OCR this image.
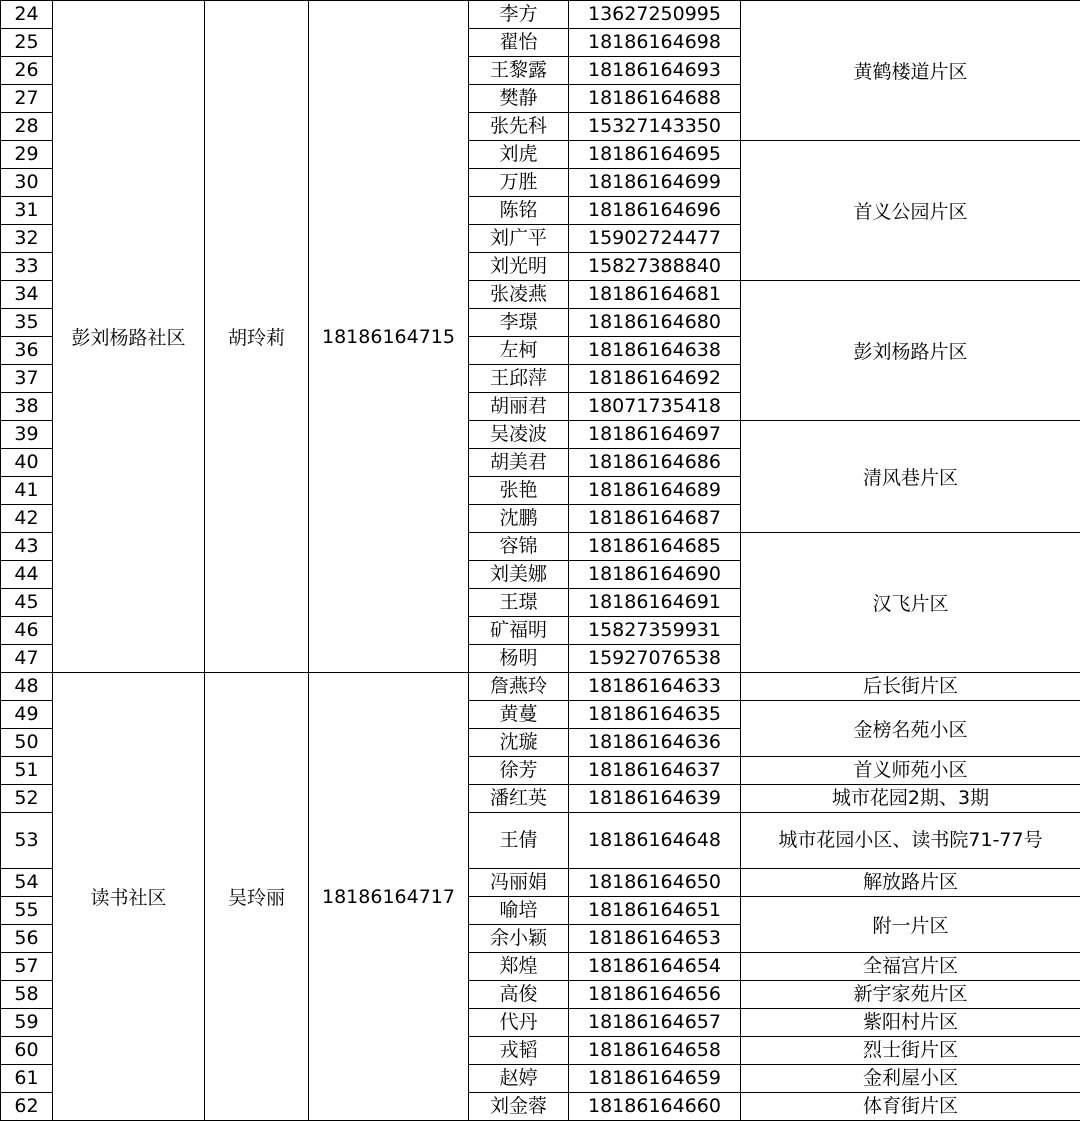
24	彭刘杨路社区	胡玲莉	18186164715	李方	13627250995	黄鹤楼道片区
25				翟怡	18186164698	
26				王黎露	18186164693	
27				樊静	18186164688	
28				张先科	15327143350	
29				刘虎	18186164695	首义公园片区
30				万胜	18186164699	
31				陈铭	18186164696	
32				刘广平	15902724477	
33				刘光明	15827388840	
34				张凌燕	18186164681	彭刘杨路片区
35				李璟	18186164680	
36				左柯	18186164638	
37				王邱萍	18186164692	
38				胡丽君	18071735418	
39				吴凌波	18186164697	清风巷片区
40				胡美君	18186164686	
41				张艳	18186164689	
42				沈鹏	18186164687	
43				容锦	18186164685	汉飞片区
44				刘美娜	18186164690	
45				王璟	18186164691	
46				矿福明	15827359931	
47				杨明	15927076538	
48	读书社区	吴玲丽	18186164717	詹燕玲	18186164633	后长街片区
49				黄蔓	18186164635	金榜名苑小区
50				沈璇	18186164636	
51				徐芳	18186164637	首义师苑小区
52				潘红英	18186164639	城市花园2期、3期
53				王倩	18186164648	城市花园小区、读书院71-77号
54				冯丽娟	18186164650	解放路片区
55				喻培	18186164651	附一片区
56				余小颖	18186164653	
57				郑煌	18186164654	全福宫片区
58				高俊	18186164656	新宇家苑片区
59				代丹	18186164657	紫阳村片区
60				戎韬	18186164658	烈士街片区
61				赵婷	18186164659	金利屋小区
62				刘金蓉	18186164660	体育街片区
